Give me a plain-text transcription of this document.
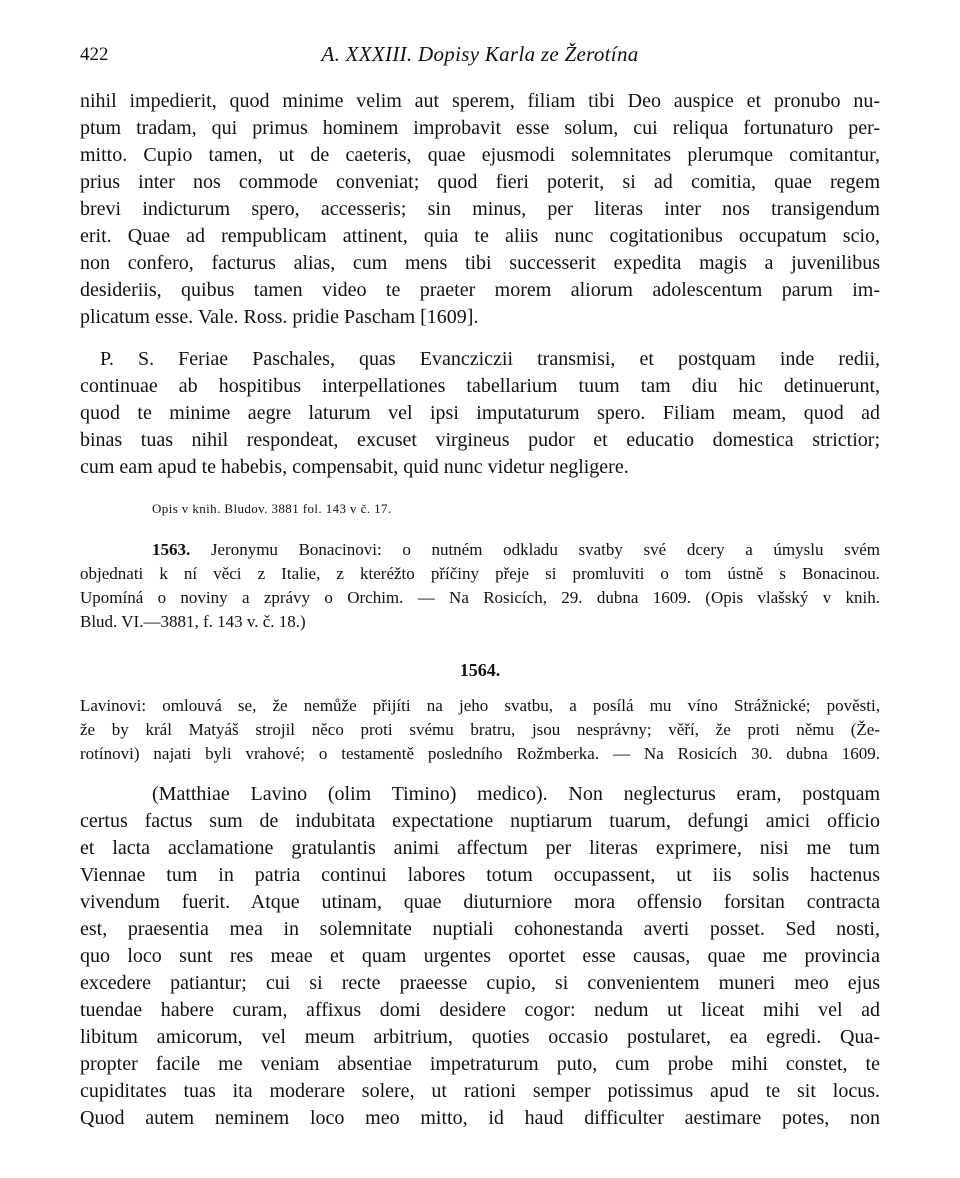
422	A. XXXIII. Dopisy Karla ze Žerotína
nihil impedierit, quod minime velim aut sperem, filiam tibi Deo auspice et pronubo nu-
ptum tradam, qui primus hominem improbavit esse solum, cui reliqua fortunaturo per-
mitto. Cupio tamen, ut de caeteris, quae ejusmodi solemnitates plerumque comitantur,
prius inter nos commode conveniat; quod fieri poterit, si ad comitia, quae regem
brevi indicturum spero, accesseris; sin minus, per literas inter nos transigendum
erit. Quae ad rempublicam attinent, quia te aliis nunc cogitationibus occupatum scio,
non confero, facturus alias, cum mens tibi successerit expedita magis a juvenilibus
desideriis, quibus tamen video te praeter morem aliorum adolescentum parum im-
plicatum esse. Vale. Ross. pridie Pascham [1609].
P. S. Feriae Paschales, quas Evancziczii transmisi, et postquam inde redii,
continuae ab hospitibus interpellationes tabellarium tuum tam diu hic detinuerunt,
quod te minime aegre laturum vel ipsi imputaturum spero. Filiam meam, quod ad
binas tuas nihil respondeat, excuset virgineus pudor et educatio domestica strictior;
cum eam apud te habebis, compensabit, quid nunc videtur negligere.
Opis v knih. Bludov. 3881 fol. 143 v č. 17.
1563. Jeronymu Bonacinovi: o nutném odkladu svatby své dcery a úmyslu svém
objednati k ní věci z Italie, z kteréžto příčiny přeje si promluviti o tom ústně s Bonacinou.
Upomíná o noviny a zprávy o Orchim. — Na Rosicích, 29. dubna 1609. (Opis vlašský v knih.
Blud. VI.—3881, f. 143 v. č. 18.)
1564.
Lavinovi: omlouvá se, že nemůže přijíti na jeho svatbu, a posílá mu víno Strážnické; pověsti,
že by král Matyáš strojil něco proti svému bratru, jsou nesprávny; věří, že proti němu (Že-
rotínovi) najati byli vrahové; o testamentě posledního Rožmberka. — Na Rosicích 30. dubna 1609.
(Matthiae Lavino (olim Timino) medico). Non neglecturus eram, postquam
certus factus sum de indubitata expectatione nuptiarum tuarum, defungi amici officio
et lacta acclamatione gratulantis animi affectum per literas exprimere, nisi me tum
Viennae tum in patria continui labores totum occupassent, ut iis solis hactenus
vivendum fuerit. Atque utinam, quae diuturniore mora offensio forsitan contracta
est, praesentia mea in solemnitate nuptiali cohonestanda averti posset. Sed nosti,
quo loco sunt res meae et quam urgentes oportet esse causas, quae me provincia
excedere patiantur; cui si recte praeesse cupio, si convenientem muneri meo ejus
tuendae habere curam, affixus domi desidere cogor: nedum ut liceat mihi vel ad
libitum amicorum, vel meum arbitrium, quoties occasio postularet, ea egredi. Qua-
propter facile me veniam absentiae impetraturum puto, cum probe mihi constet, te
cupiditates tuas ita moderare solere, ut rationi semper potissimus apud te sit locus.
Quod autem neminem loco meo mitto, id haud difficulter aestimare potes, non
